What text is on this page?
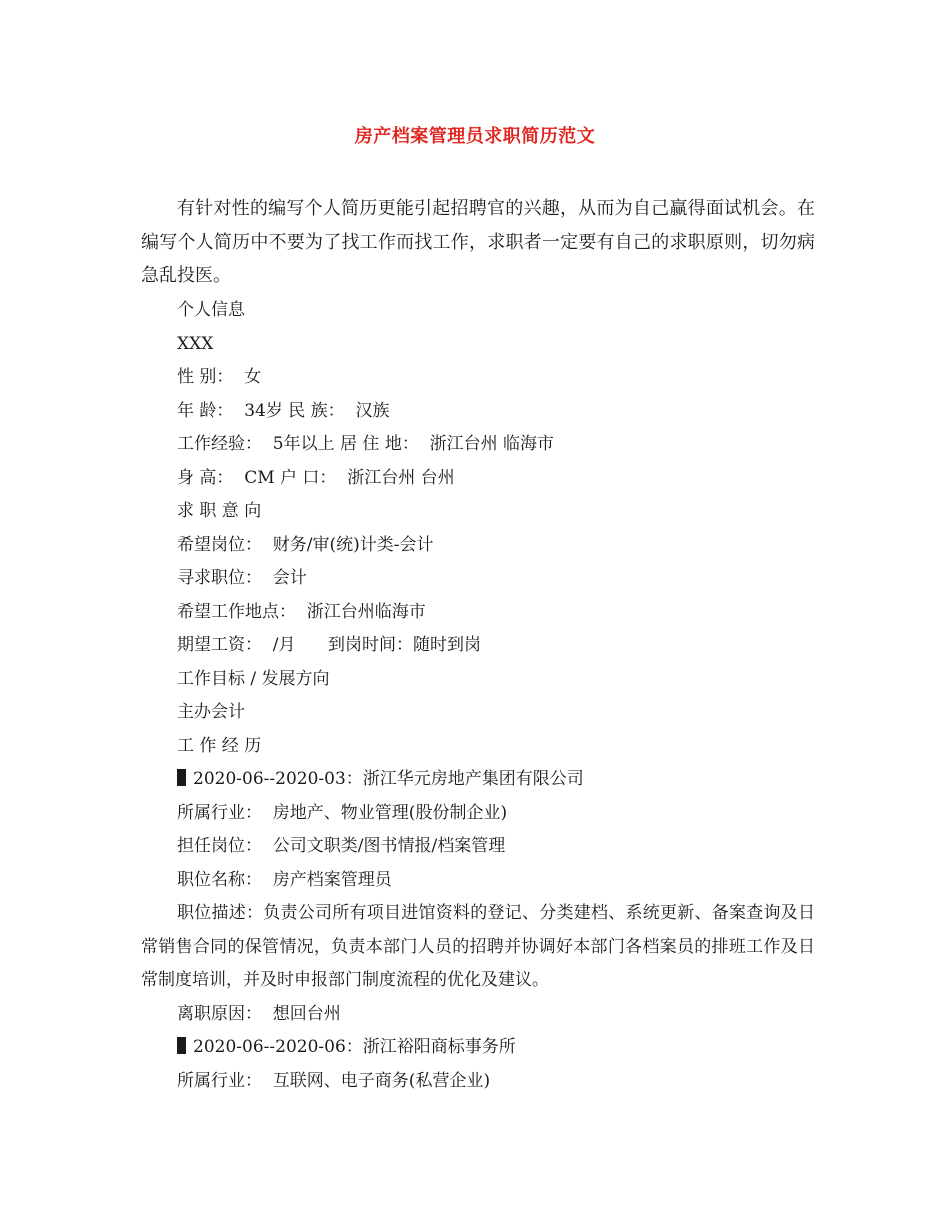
房产档案管理员求职简历范文

有针对性的编写个人简历更能引起招聘官的兴趣，从而为自己赢得面试机会。在编写个人简历中不要为了找工作而找工作，求职者一定要有自己的求职原则，切勿病急乱投医。

个人信息
XXX
性 别：  女
年 龄：  34岁 民 族：  汉族
工作经验：  5年以上 居 住 地：  浙江台州 临海市
身 高：  CM 户 口：  浙江台州 台州
求 职 意 向
希望岗位：  财务/审(统)计类-会计
寻求职位：  会计
希望工作地点：  浙江台州临海市
期望工资：  /月      到岗时间：随时到岗
工作目标 / 发展方向
主办会计
工 作 经 历
2020-06--2020-03：浙江华元房地产集团有限公司
所属行业：  房地产、物业管理(股份制企业)
担任岗位：  公司文职类/图书情报/档案管理
职位名称：  房产档案管理员

职位描述：负责公司所有项目进馆资料的登记、分类建档、系统更新、备案查询及日常销售合同的保管情况，负责本部门人员的招聘并协调好本部门各档案员的排班工作及日常制度培训，并及时申报部门制度流程的优化及建议。

离职原因：  想回台州
2020-06--2020-06：浙江裕阳商标事务所
所属行业：  互联网、电子商务(私营企业)
